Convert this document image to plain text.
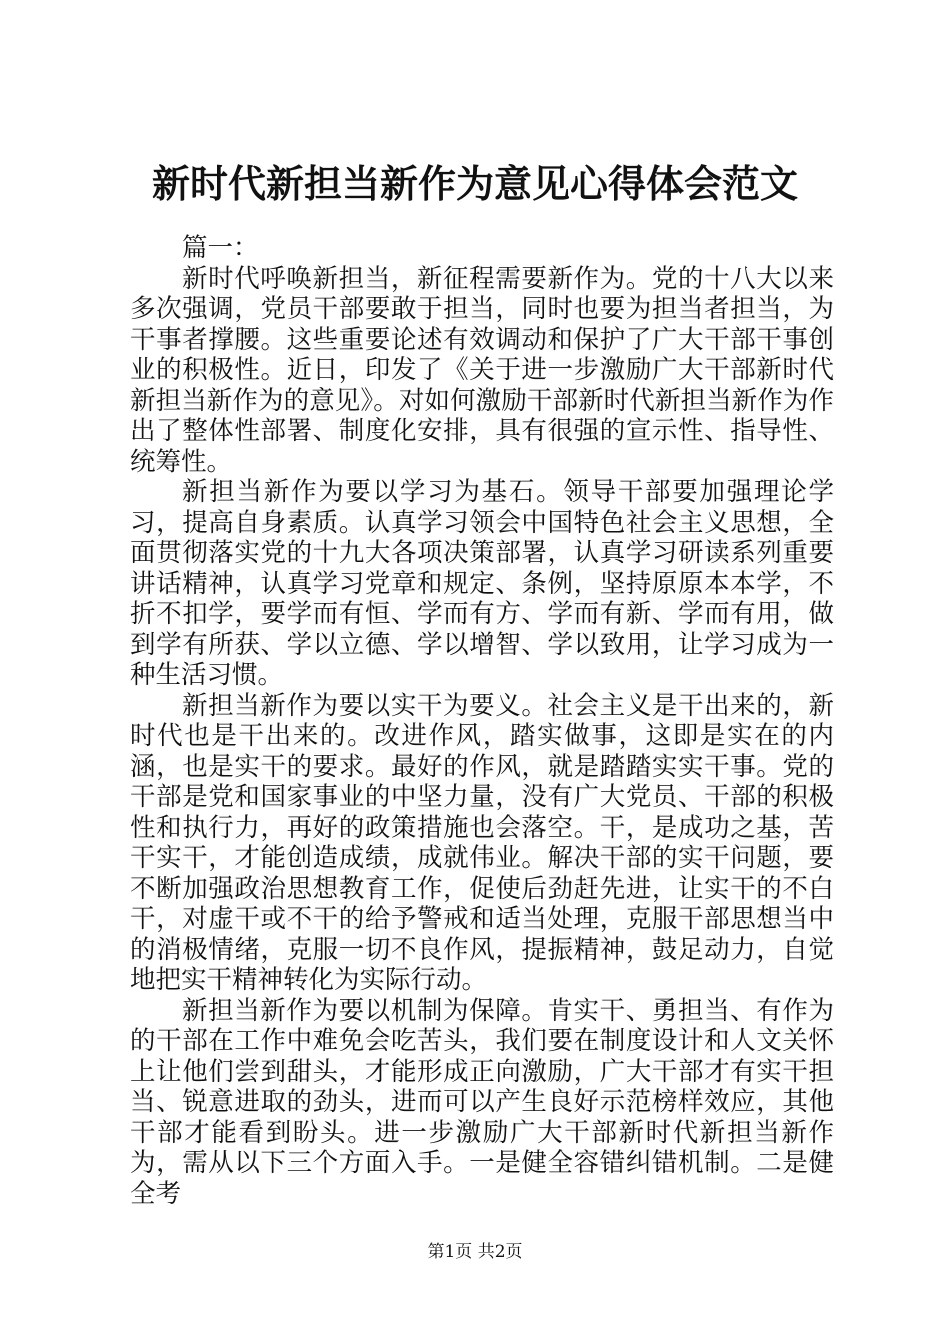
新时代新担当新作为意见心得体会范文

篇一：

新时代呼唤新担当，新征程需要新作为。党的十八大以来多次强调，党员干部要敢于担当，同时也要为担当者担当，为干事者撑腰。这些重要论述有效调动和保护了广大干部干事创业的积极性。近日，印发了《关于进一步激励广大干部新时代新担当新作为的意见》。对如何激励干部新时代新担当新作为作出了整体性部署、制度化安排，具有很强的宣示性、指导性、统筹性。

新担当新作为要以学习为基石。领导干部要加强理论学习，提高自身素质。认真学习领会中国特色社会主义思想，全面贯彻落实党的十九大各项决策部署，认真学习研读系列重要讲话精神，认真学习党章和规定、条例，坚持原原本本学，不折不扣学，要学而有恒、学而有方、学而有新、学而有用，做到学有所获、学以立德、学以增智、学以致用，让学习成为一种生活习惯。

新担当新作为要以实干为要义。社会主义是干出来的，新时代也是干出来的。改进作风，踏实做事，这即是实在的内涵，也是实干的要求。最好的作风，就是踏踏实实干事。党的干部是党和国家事业的中坚力量，没有广大党员、干部的积极性和执行力，再好的政策措施也会落空。干，是成功之基，苦干实干，才能创造成绩，成就伟业。解决干部的实干问题，要不断加强政治思想教育工作，促使后劲赶先进，让实干的不白干，对虚干或不干的给予警戒和适当处理，克服干部思想当中的消极情绪，克服一切不良作风，提振精神，鼓足动力，自觉地把实干精神转化为实际行动。

新担当新作为要以机制为保障。肯实干、勇担当、有作为的干部在工作中难免会吃苦头，我们要在制度设计和人文关怀上让他们尝到甜头，才能形成正向激励，广大干部才有实干担当、锐意进取的劲头，进而可以产生良好示范榜样效应，其他干部才能看到盼头。进一步激励广大干部新时代新担当新作为，需从以下三个方面入手。一是健全容错纠错机制。二是健全考

第1页 共2页
